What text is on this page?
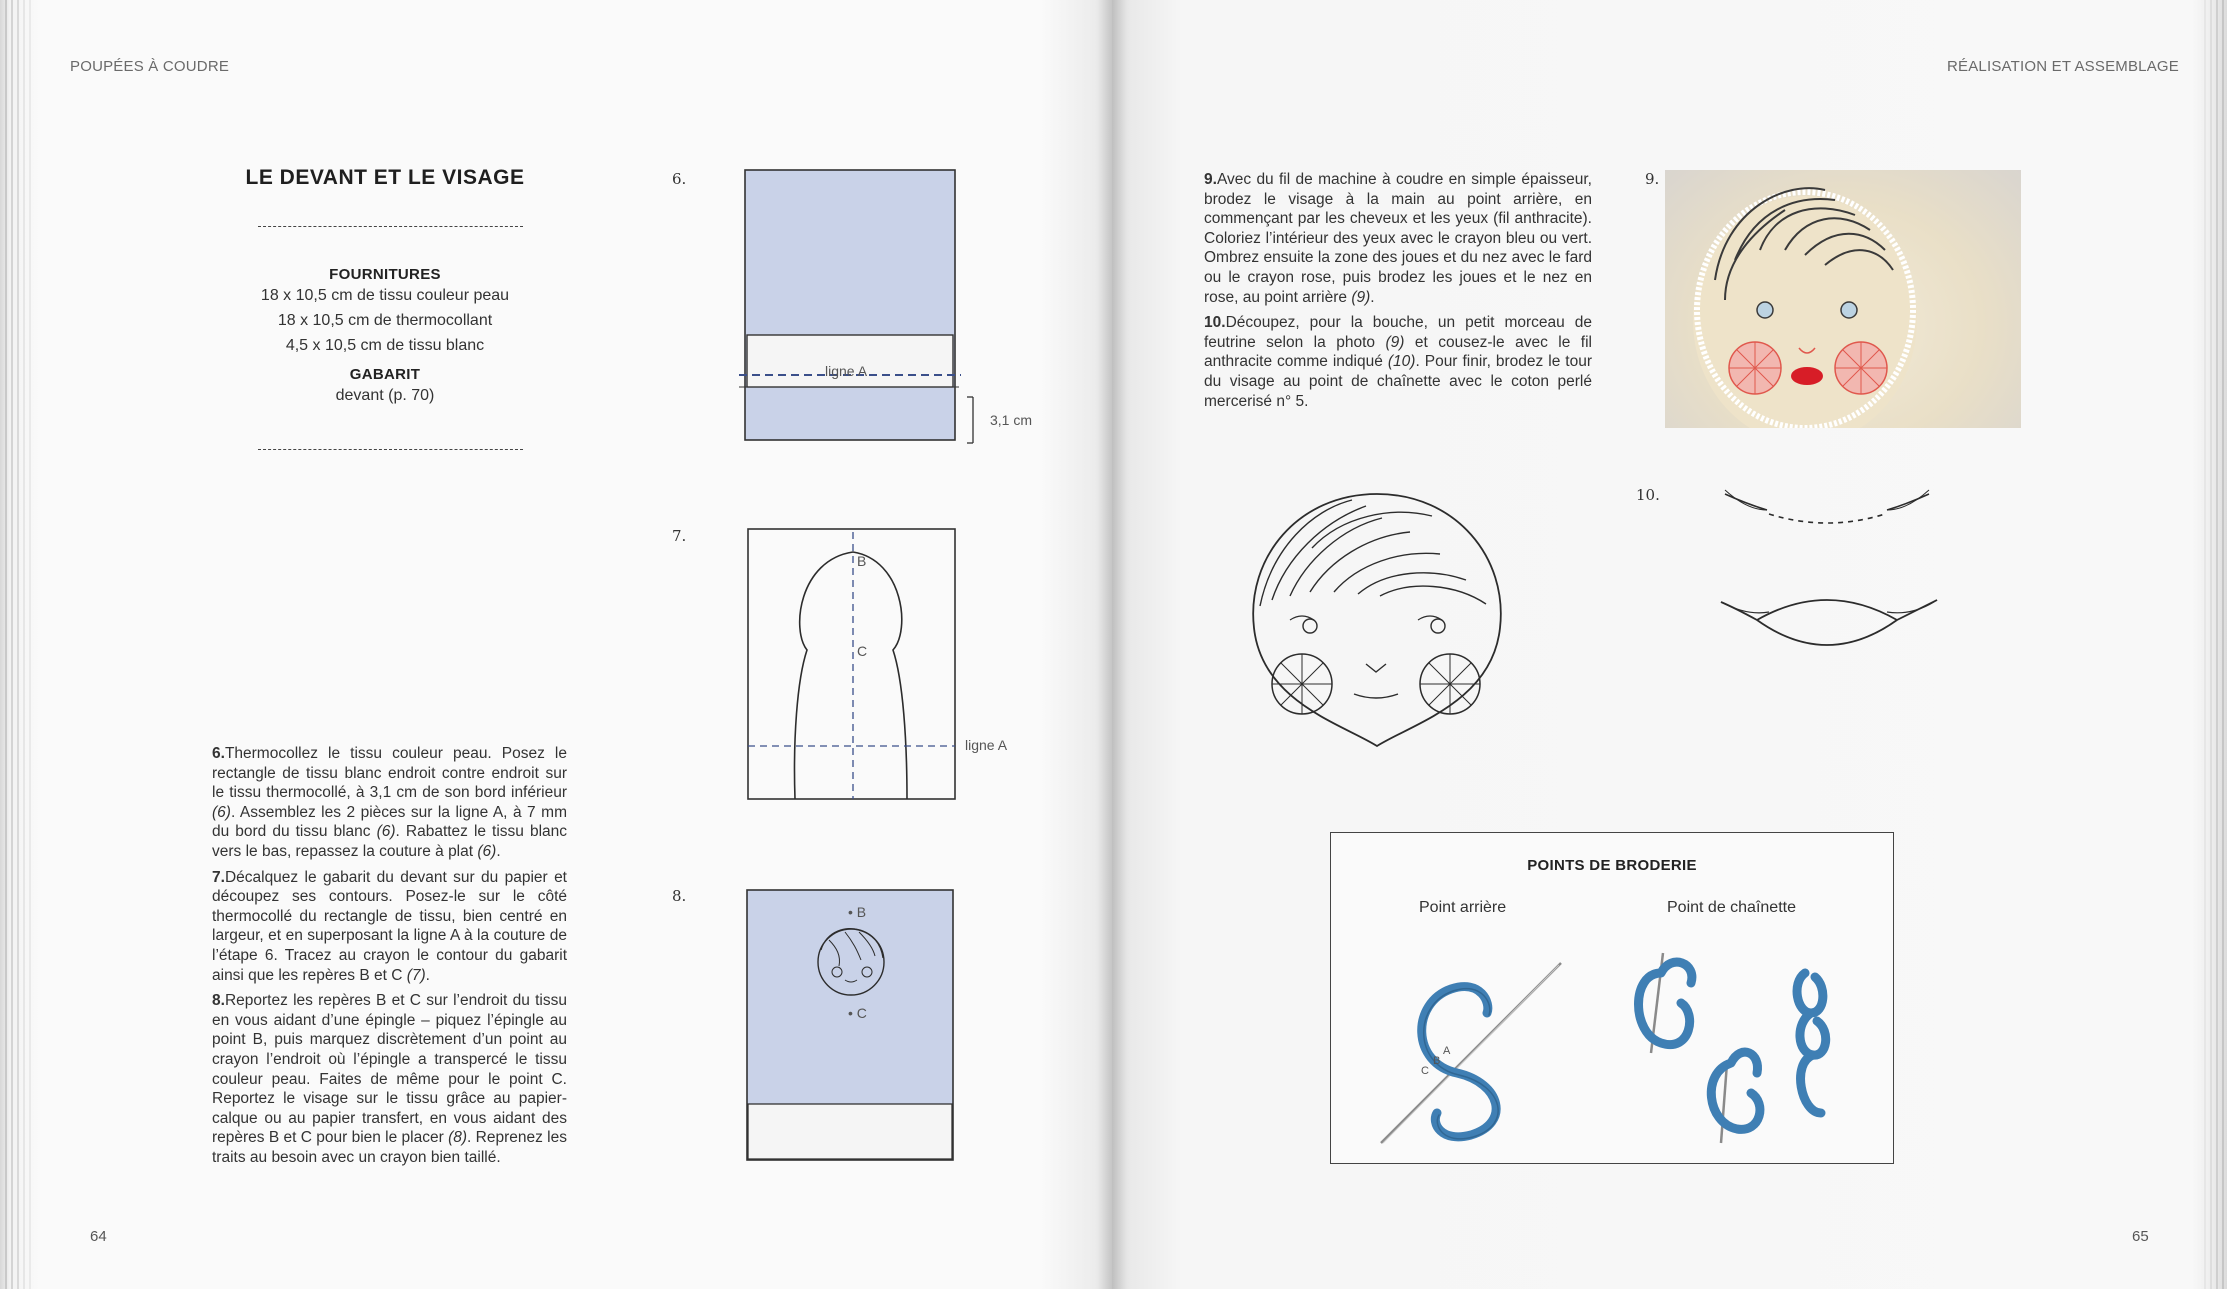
POUPÉES À COUDRE
LE DEVANT ET LE VISAGE
FOURNITURES
18 x 10,5 cm de tissu couleur peau
18 x 10,5 cm de thermocollant
4,5 x 10,5 cm de tissu blanc
GABARIT
devant (p. 70)

6.Thermocollez le tissu couleur peau. Posez le rectangle de tissu blanc endroit contre endroit sur le tissu thermocollé, à 3,1 cm de son bord inférieur (6). Assemblez les 2 pièces sur la ligne A, à 7 mm du bord du tissu blanc (6). Rabattez le tissu blanc vers le bas, repassez la couture à plat (6).

7.Décalquez le gabarit du devant sur du papier et découpez ses contours. Posez-le sur le côté thermocollé du rectangle de tissu, bien centré en largeur, et en superposant la ligne A à la couture de l’étape 6. Tracez au crayon le contour du gabarit ainsi que les repères B et C (7).

8.Reportez les repères B et C sur l’endroit du tissu en vous aidant d’une épingle – piquez l’épingle au point B, puis marquez discrètement d’un point au crayon l’endroit où l’épingle a transpercé le tissu couleur peau. Faites de même pour le point C. Reportez le visage sur le tissu grâce au papier-calque ou au papier transfert, en vous aidant des repères B et C pour bien le placer (8). Reprenez les traits au besoin avec un crayon bien taillé.

6.
ligne A
3,1 cm
7.
B
C
ligne A
8.
• B
• C
64
RÉALISATION ET ASSEMBLAGE

9.Avec du fil de machine à coudre en simple épaisseur, brodez le visage à la main au point arrière, en commençant par les cheveux et les yeux (fil anthracite). Coloriez l’intérieur des yeux avec le crayon bleu ou vert. Ombrez ensuite la zone des joues et du nez avec le fard ou le crayon rose, puis brodez les joues et le nez en rose, au point arrière (9).

10.Découpez, pour la bouche, un petit morceau de feutrine selon la photo (9) et cousez-le avec le fil anthracite comme indiqué (10). Pour finir, brodez le tour du visage au point de chaînette avec le coton perlé mercerisé n° 5.

9.
10.
POINTS DE BRODERIE
Point arrière	Point de chaînette
A
B
C
65
